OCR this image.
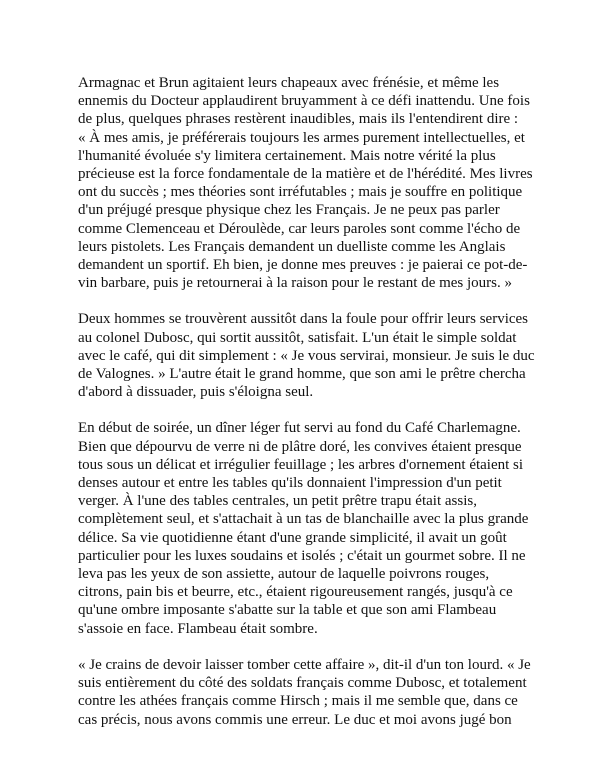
Armagnac et Brun agitaient leurs chapeaux avec frénésie, et même les
ennemis du Docteur applaudirent bruyamment à ce défi inattendu. Une fois
de plus, quelques phrases restèrent inaudibles, mais ils l'entendirent dire :
« À mes amis, je préférerais toujours les armes purement intellectuelles, et
l'humanité évoluée s'y limitera certainement. Mais notre vérité la plus
précieuse est la force fondamentale de la matière et de l'hérédité. Mes livres
ont du succès ; mes théories sont irréfutables ; mais je souffre en politique
d'un préjugé presque physique chez les Français. Je ne peux pas parler
comme Clemenceau et Déroulède, car leurs paroles sont comme l'écho de
leurs pistolets. Les Français demandent un duelliste comme les Anglais
demandent un sportif. Eh bien, je donne mes preuves : je paierai ce pot-de-
vin barbare, puis je retournerai à la raison pour le restant de mes jours. »

Deux hommes se trouvèrent aussitôt dans la foule pour offrir leurs services
au colonel Dubosc, qui sortit aussitôt, satisfait. L'un était le simple soldat
avec le café, qui dit simplement : « Je vous servirai, monsieur. Je suis le duc
de Valognes. » L'autre était le grand homme, que son ami le prêtre chercha
d'abord à dissuader, puis s'éloigna seul.

En début de soirée, un dîner léger fut servi au fond du Café Charlemagne.
Bien que dépourvu de verre ni de plâtre doré, les convives étaient presque
tous sous un délicat et irrégulier feuillage ; les arbres d'ornement étaient si
denses autour et entre les tables qu'ils donnaient l'impression d'un petit
verger. À l'une des tables centrales, un petit prêtre trapu était assis,
complètement seul, et s'attachait à un tas de blanchaille avec la plus grande
délice. Sa vie quotidienne étant d'une grande simplicité, il avait un goût
particulier pour les luxes soudains et isolés ; c'était un gourmet sobre. Il ne
leva pas les yeux de son assiette, autour de laquelle poivrons rouges,
citrons, pain bis et beurre, etc., étaient rigoureusement rangés, jusqu'à ce
qu'une ombre imposante s'abatte sur la table et que son ami Flambeau
s'assoie en face. Flambeau était sombre.

« Je crains de devoir laisser tomber cette affaire », dit-il d'un ton lourd. « Je
suis entièrement du côté des soldats français comme Dubosc, et totalement
contre les athées français comme Hirsch ; mais il me semble que, dans ce
cas précis, nous avons commis une erreur. Le duc et moi avons jugé bon
